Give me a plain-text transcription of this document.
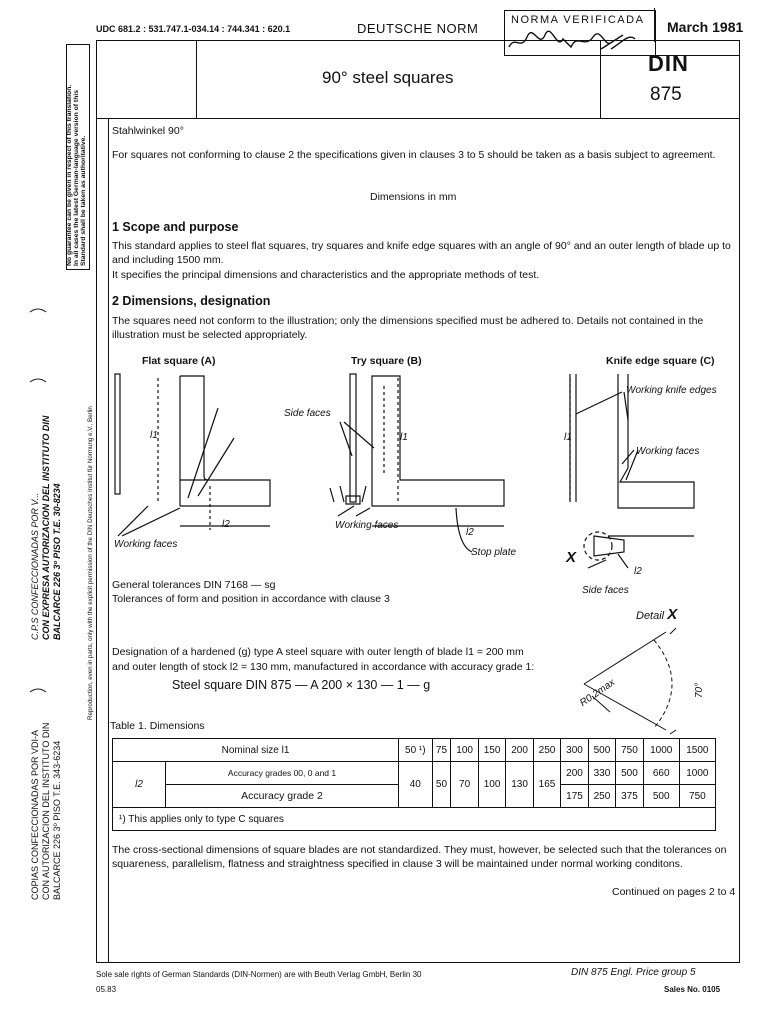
UDC 681.2 : 531.747.1-034.14 : 744.341 : 620.1	DEUTSCHE NORM
NORMA VERIFICADA March 1981
90° steel squares
DIN
875
No guarantee can be given in respect of this translation. In all cases the latest German-language version of this Standard shall be taken as authoritative.
Reproduction, even in parts, only with the explicit permission of the DIN Deutsches Institut für Normung e.V., Berlin
C.P.S CONFECCIONADAS POR V... CON EXPRESA AUTORIZACION DEL INSTITUTO DIN BALCARCE 226 3º PISO T.E. 30-8234
COPIAS CONFECCIONADAS POR VDI-A CON AUTORIZACION DEL INSTITUTO DIN BALCARCE 226 3º PISO T.E. 343-6234
Stahlwinkel 90°
For squares not conforming to clause 2 the specifications given in clauses 3 to 5 should be taken as a basis subject to agreement.
Dimensions in mm
1 Scope and purpose
This standard applies to steel flat squares, try squares and knife edge squares with an angle of 90° and an outer length of blade up to and including 1500 mm.
It specifies the principal dimensions and characteristics and the appropriate methods of test.
2 Dimensions, designation
The squares need not conform to the illustration; only the dimensions specified must be adhered to. Details not contained in the illustration must be selected appropriately.
Flat square (A)	Try square (B)	Knife edge square (C)
Side faces
Working faces
Working faces
Stop plate
Working knife edges
Working faces
Side faces
X
l1
l2
l1
l2
l1
l2
General tolerances DIN 7168 — sg
Tolerances of form and position in accordance with clause 3
Detail X
R0,2max	70°
Designation of a hardened (g) type A steel square with outer length of blade l1 = 200 mm
and outer length of stock l2 = 130 mm, manufactured in accordance with accuracy grade 1:
Steel square DIN 875 — A 200 × 130 — 1 — g
Table 1. Dimensions
Nominal size l1		50 ¹)	75	100	150	200	250	300	500	750	1000	1500
l2	Accuracy grades 00, 0 and 1	40	50	70	100	130	165	200	330	500	660	1000
	Accuracy grade 2							175	250	375	500	750
¹) This applies only to type C squares												
The cross-sectional dimensions of square blades are not standardized. They must, however, be selected such that the tolerances on squareness, parallelism, flatness and straightness specified in clause 3 will be maintained under normal working conditons.
Continued on pages 2 to 4
Sole sale rights of German Standards (DIN-Normen) are with Beuth Verlag GmbH, Berlin 30
05.83
DIN 875 Engl. Price group 5
Sales No. 0105
